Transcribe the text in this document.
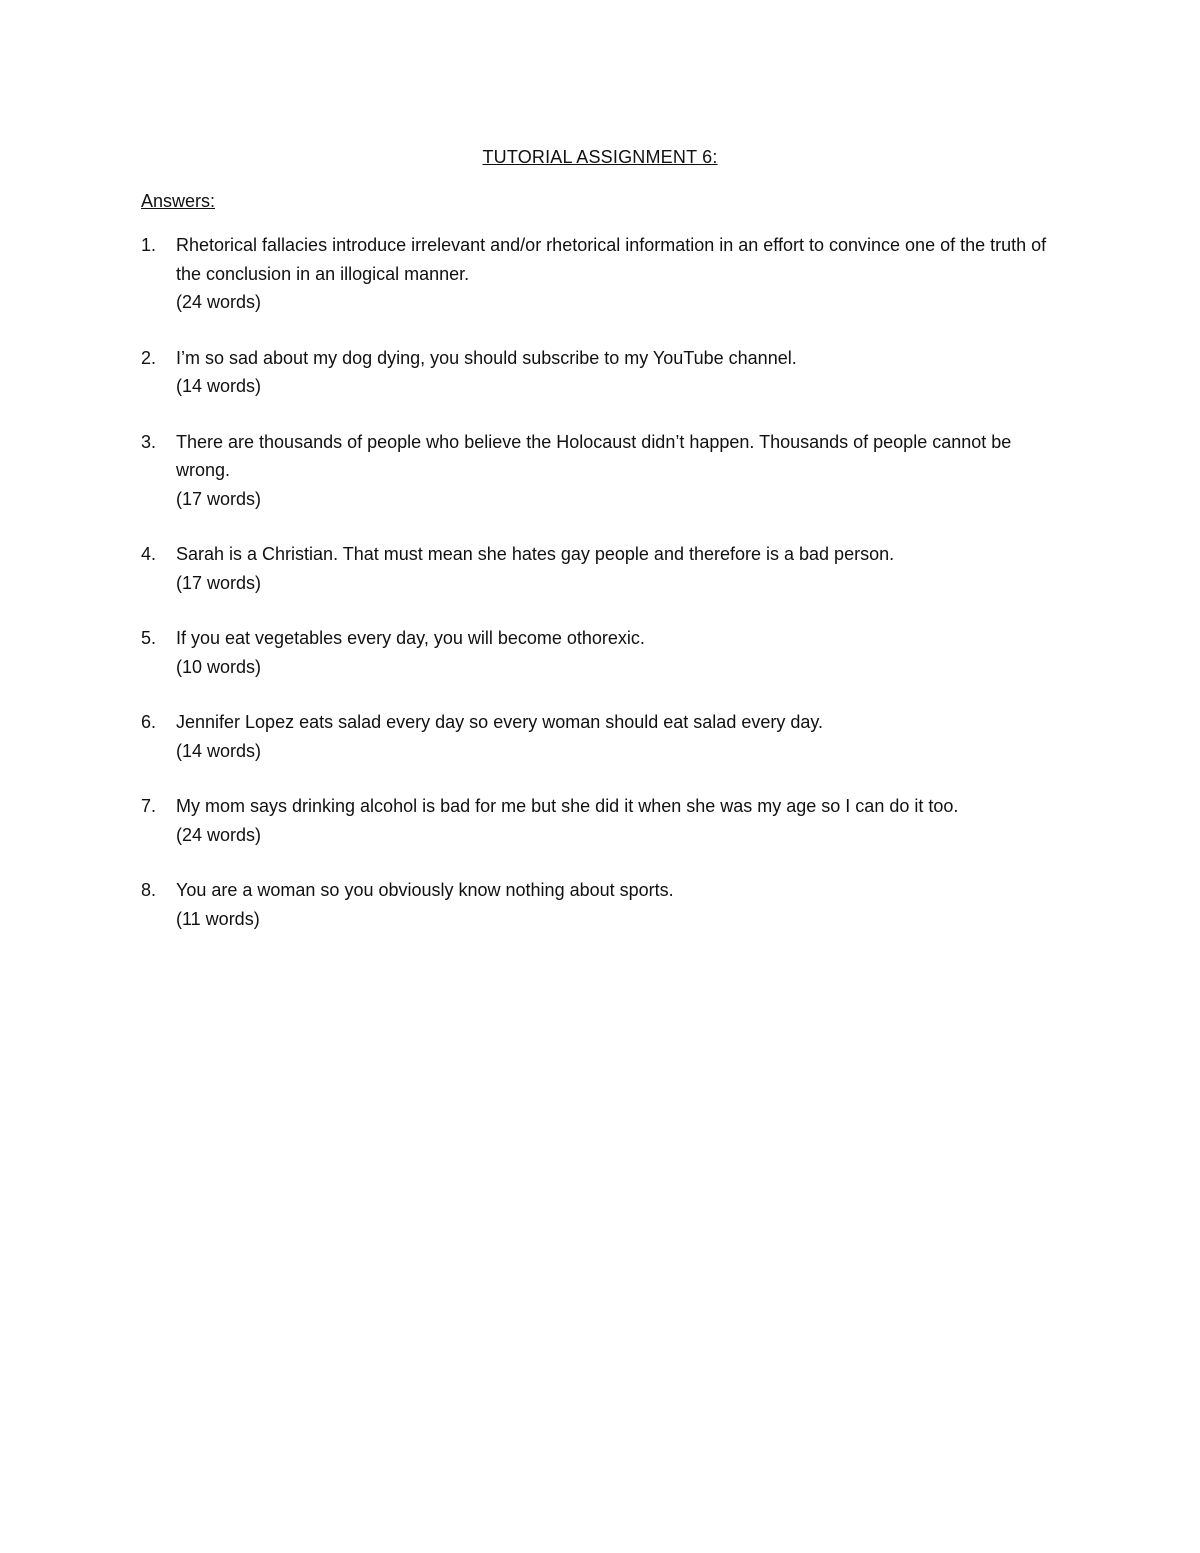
TUTORIAL ASSIGNMENT 6:
Answers:
1.	Rhetorical fallacies introduce irrelevant and/or rhetorical information in an effort to convince one of the truth of the conclusion in an illogical manner.
(24 words)
2.	I’m so sad about my dog dying, you should subscribe to my YouTube channel.
(14 words)
3.	There are thousands of people who believe the Holocaust didn’t happen. Thousands of people cannot be wrong.
(17 words)
4.	Sarah is a Christian. That must mean she hates gay people and therefore is a bad person.
(17 words)
5.	If you eat vegetables every day, you will become othorexic.
(10 words)
6.	Jennifer Lopez eats salad every day so every woman should eat salad every day.
(14 words)
7.	My mom says drinking alcohol is bad for me but she did it when she was my age so I can do it too.
(24 words)
8.	You are a woman so you obviously know nothing about sports.
(11 words)
